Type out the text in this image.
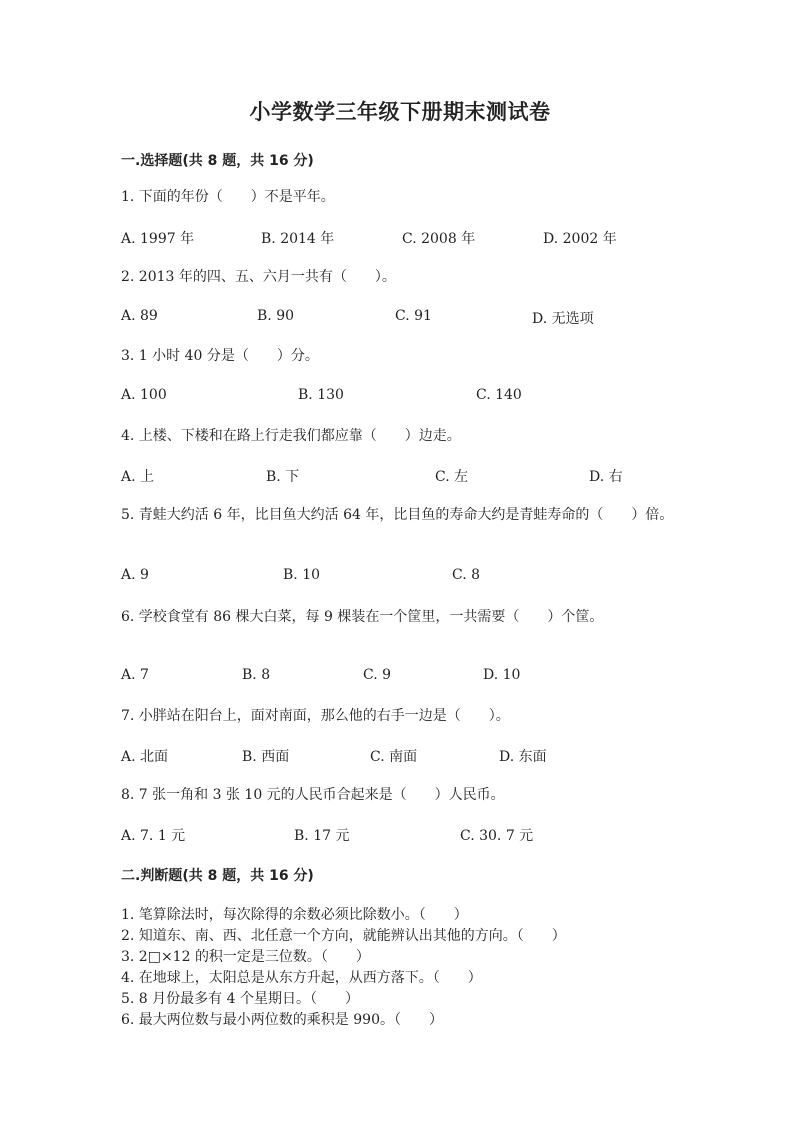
小学数学三年级下册期末测试卷
一.选择题(共 8 题，共 16 分)
1. 下面的年份（　　）不是平年。
A. 1997 年	B. 2014 年	C. 2008 年	D. 2002 年
2. 2013 年的四、五、六月一共有（　　）。
A. 89	B. 90	C. 91	D. 无选项
3. 1 小时 40 分是（　　）分。
A. 100	B. 130	C. 140
4. 上楼、下楼和在路上行走我们都应靠（　　）边走。
A. 上	B. 下	C. 左	D. 右
5. 青蛙大约活 6 年，比目鱼大约活 64 年，比目鱼的寿命大约是青蛙寿命的（　　）倍。
A. 9	B. 10	C. 8
6. 学校食堂有 86 棵大白菜，每 9 棵装在一个筐里，一共需要（　　）个筐。
A. 7	B. 8	C. 9	D. 10
7. 小胖站在阳台上，面对南面，那么他的右手一边是（　　）。
A. 北面	B. 西面	C. 南面	D. 东面
8. 7 张一角和 3 张 10 元的人民币合起来是（　　）人民币。
A. 7. 1 元	B. 17 元	C. 30. 7 元
二.判断题(共 8 题，共 16 分)
1. 笔算除法时，每次除得的余数必须比除数小。（　　）
2. 知道东、南、西、北任意一个方向，就能辨认出其他的方向。（　　）
3. 2□×12 的积一定是三位数。（　　）
4. 在地球上，太阳总是从东方升起，从西方落下。（　　）
5. 8 月份最多有 4 个星期日。（　　）
6. 最大两位数与最小两位数的乘积是 990。（　　）
